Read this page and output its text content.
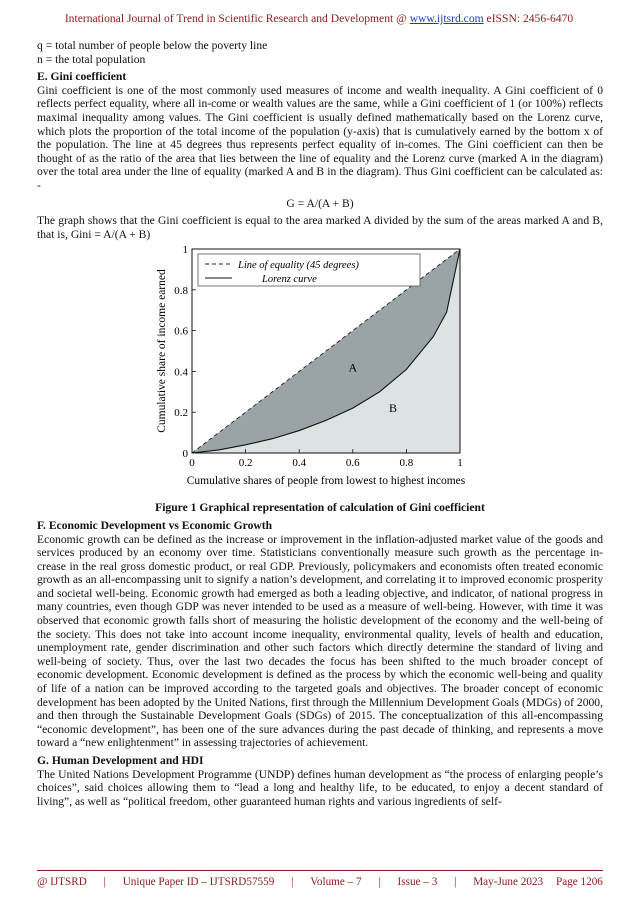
International Journal of Trend in Scientific Research and Development @ www.ijtsrd.com eISSN: 2456-6470
q = total number of people below the poverty line
n = the total population
E. Gini coefficient

Gini coefficient is one of the most commonly used measures of income and wealth inequality. A Gini coefficient of 0 reflects perfect equality, where all in-come or wealth values are the same, while a Gini coefficient of 1 (or 100%) reflects maximal inequality among values. The Gini coefficient is usually defined mathematically based on the Lorenz curve, which plots the proportion of the total income of the population (y-axis) that is cumulatively earned by the bottom x of the population. The line at 45 degrees thus represents perfect equality of in-comes. The Gini coefficient can then be thought of as the ratio of the area that lies between the line of equality and the Lorenz curve (marked A in the diagram) over the total area under the line of equality (marked A and B in the diagram). Thus Gini coefficient can be calculated as: -

G = A/(A + B)

The graph shows that the Gini coefficient is equal to the area marked A divided by the sum of the areas marked A and B, that is, Gini = A/(A + B)

0	0.2	0.4	0.6	0.8	1
0
0.2
0.4
0.6
0.8
1
A
B
Line of equality (45 degrees)
Lorenz curve
Cumulative shares of people from lowest to highest incomes
Cumulative share of income earned
Figure 1 Graphical representation of calculation of Gini coefficient
F. Economic Development vs Economic Growth

Economic growth can be defined as the increase or improvement in the inflation-adjusted market value of the goods and services produced by an economy over time. Statisticians conventionally measure such growth as the percentage in-crease in the real gross domestic product, or real GDP. Previously, policymakers and economists often treated economic growth as an all-encompassing unit to signify a nation’s development, and correlating it to improved economic prosperity and societal well-being. Economic growth had emerged as both a leading objective, and indicator, of national progress in many countries, even though GDP was never intended to be used as a measure of well-being. However, with time it was observed that economic growth falls short of measuring the holistic development of the economy and the well-being of the society. This does not take into account income inequality, environmental quality, levels of health and education, unemployment rate, gender discrimination and other such factors which directly determine the standard of living and well-being of society. Thus, over the last two decades the focus has been shifted to the much broader concept of economic development. Economic development is defined as the process by which the economic well-being and quality of life of a nation can be improved according to the targeted goals and objectives. The broader concept of economic development has been adopted by the United Nations, first through the Millennium Development Goals (MDGs) of 2000, and then through the Sustainable Development Goals (SDGs) of 2015. The conceptualization of this all-encompassing “economic development”, has been one of the sure advances during the past decade of thinking, and represents a move toward a “new enlightenment” in assessing trajectories of achievement.

G. Human Development and HDI

The United Nations Development Programme (UNDP) defines human development as “the process of enlarging people’s choices”, said choices allowing them to “lead a long and healthy life, to be educated, to enjoy a decent standard of living”, as well as “political freedom, other guaranteed human rights and various ingredients of self-

@ IJTSRD	|	Unique Paper ID – IJTSRD57559	|	Volume – 7	|	Issue – 3	|	May-June 2023 Page 1206
